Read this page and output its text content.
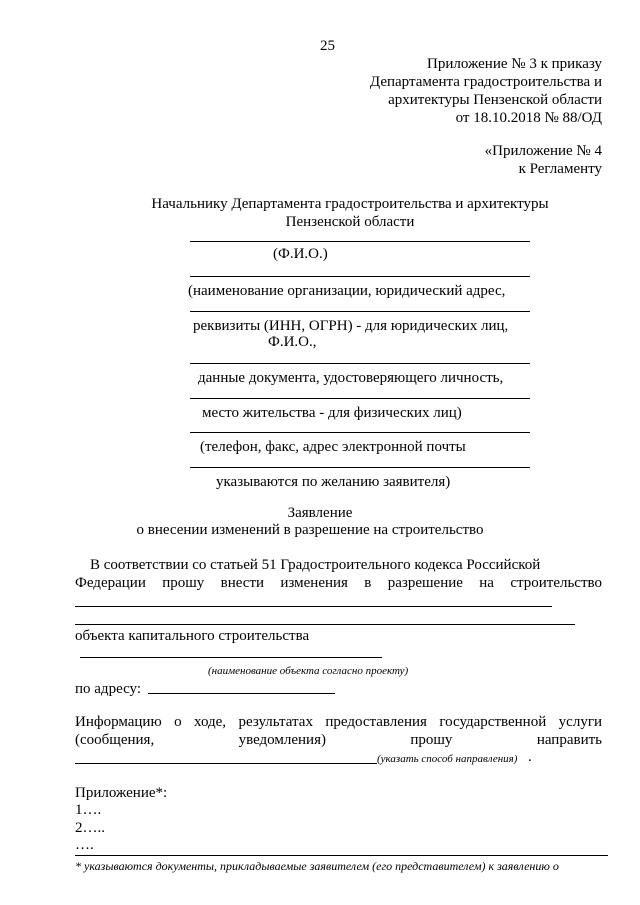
25
Приложение № 3 к приказу
Департамента градостроительства и
архитектуры Пензенской области
от 18.10.2018 № 88/ОД
«Приложение № 4
к Регламенту
Начальнику Департамента градостроительства и архитектуры
Пензенской области
(Ф.И.О.)
(наименование организации, юридический адрес,
реквизиты (ИНН, ОГРН) - для юридических лиц,
Ф.И.О.,
данные документа, удостоверяющего личность,
место жительства - для физических лиц)
(телефон, факс, адрес электронной почты
указываются по желанию заявителя)
Заявление
о внесении изменений в разрешение на строительство
В соответствии со статьей 51 Градостроительного кодекса Российской
Федерации прошу внести изменения в разрешение на строительство
объекта капитального строительства
(наименование объекта согласно проекту)
по адресу:
Информацию о ходе, результатах предоставления государственной услуги
(сообщения, уведомления) прошу направить
(указать способ направления) .
Приложение*:
1….
2…..
….
* указываются документы, прикладываемые заявителем (его представителем) к заявлению о
